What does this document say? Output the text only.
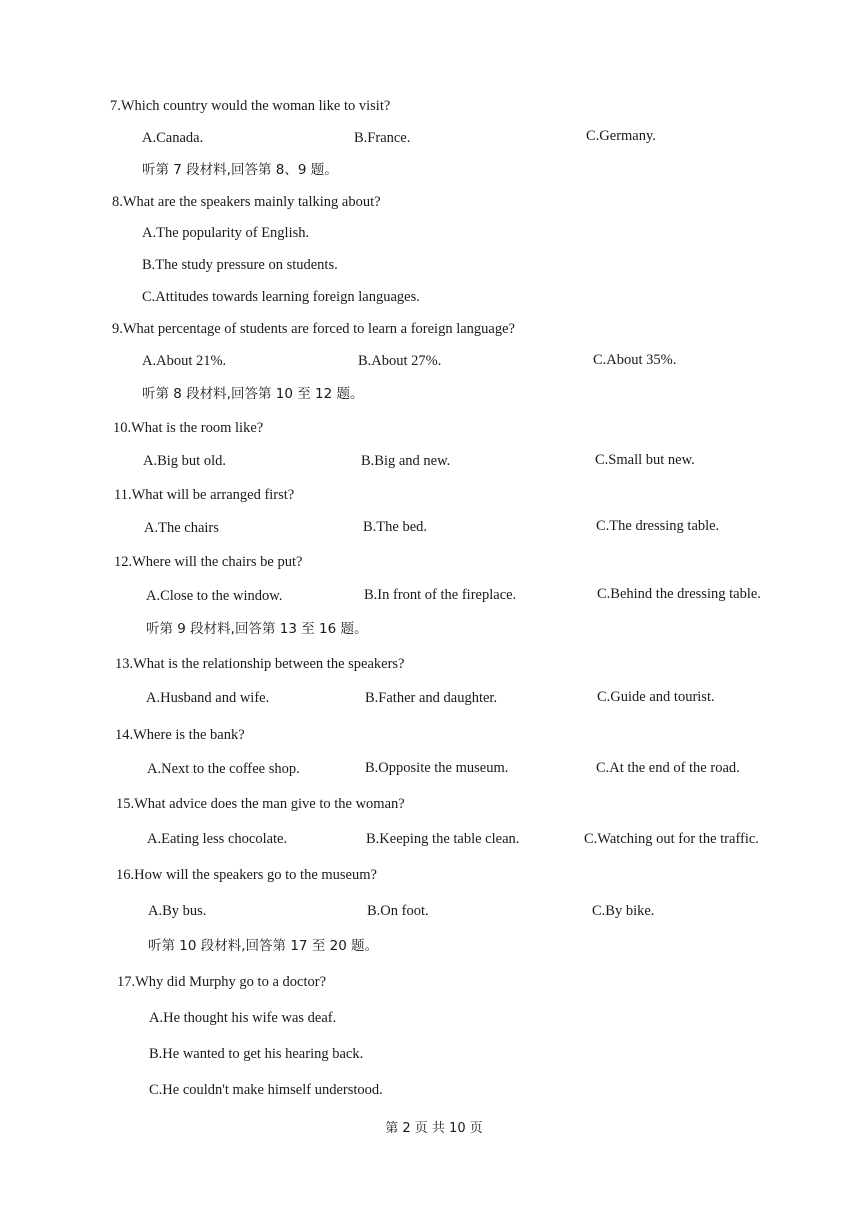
7.Which country would the woman like to visit?
A.Canada.	B.France.	C.Germany.
听第 7 段材料,回答第 8、9 题。
8.What are the speakers mainly talking about?
A.The popularity of English.
B.The study pressure on students.
C.Attitudes towards learning foreign languages.
9.What percentage of students are forced to learn a foreign language?
A.About 21%.	B.About 27%.	C.About 35%.
听第 8 段材料,回答第 10 至 12 题。
10.What is the room like?
A.Big but old.	B.Big and new.	C.Small but new.
11.What will be arranged first?
A.The chairs	B.The bed.	C.The dressing table.
12.Where will the chairs be put?
A.Close to the window.	B.In front of the fireplace.	C.Behind the dressing table.
听第 9 段材料,回答第 13 至 16 题。
13.What is the relationship between the speakers?
A.Husband and wife.	B.Father and daughter.	C.Guide and tourist.
14.Where is the bank?
A.Next to the coffee shop.	B.Opposite the museum.	C.At the end of the road.
15.What advice does the man give to the woman?
A.Eating less chocolate.	B.Keeping the table clean.	C.Watching out for the traffic.
16.How will the speakers go to the museum?
A.By bus.	B.On foot.	C.By bike.
听第 10 段材料,回答第 17 至 20 题。
17.Why did Murphy go to a doctor?
A.He thought his wife was deaf.
B.He wanted to get his hearing back.
C.He couldn't make himself understood.
第 2 页 共 10 页
